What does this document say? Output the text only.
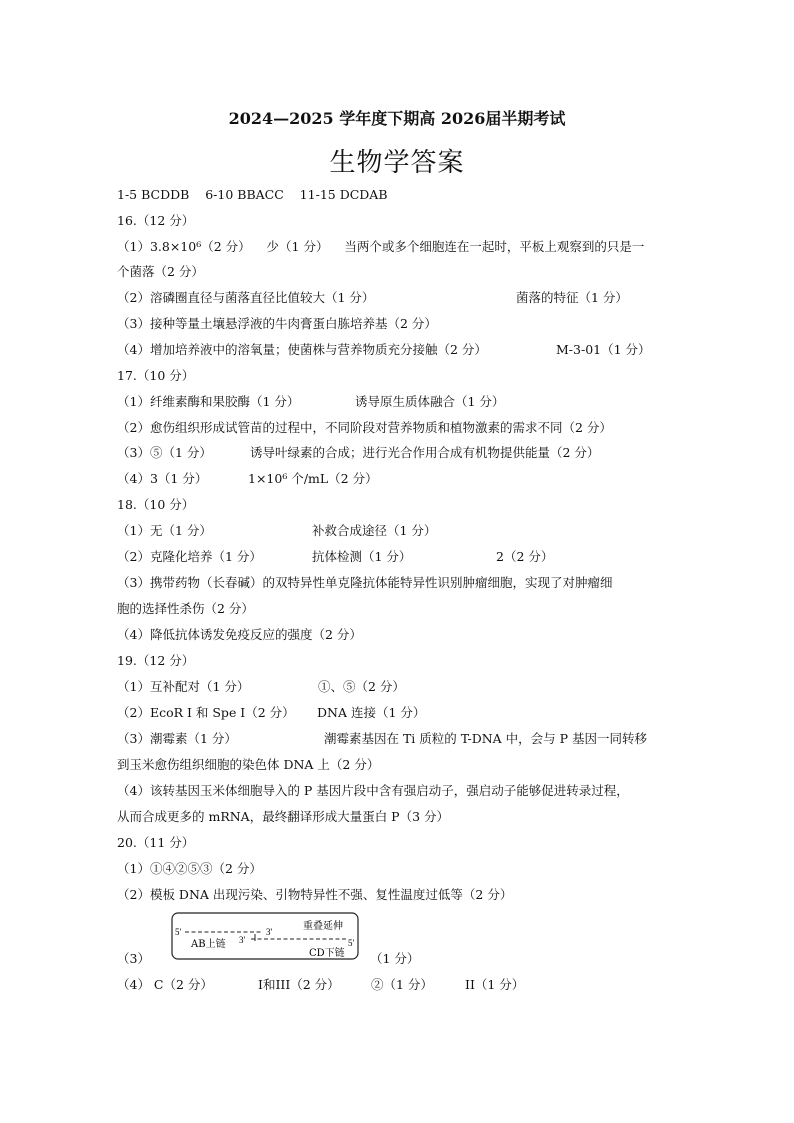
2024—2025 学年度下期高 2026届半期考试
生物学答案
1-5 BCDDB    6-10 BBACC    11-15 DCDAB
16.（12 分）
（1）3.8×10⁶（2 分）    少（1 分）    当两个或多个细胞连在一起时，平板上观察到的只是一
个菌落（2 分）
（2）溶磷圈直径与菌落直径比值较大（1 分）	菌落的特征（1 分）
（3）接种等量土壤悬浮液的牛肉膏蛋白胨培养基（2 分）
（4）增加培养液中的溶氧量；使菌株与营养物质充分接触（2 分）	M-3-01（1 分）
17.（10 分）
（1）纤维素酶和果胶酶（1 分）	诱导原生质体融合（1 分）
（2）愈伤组织形成试管苗的过程中，不同阶段对营养物质和植物激素的需求不同（2 分）
（3）⑤（1 分）	诱导叶绿素的合成；进行光合作用合成有机物提供能量（2 分）
（4）3（1 分）	1×10⁶ 个/mL（2 分）
18.（10 分）
（1）无（1 分）	补救合成途径（1 分）
（2）克隆化培养（1 分）	抗体检测（1 分）	2（2 分）
（3）携带药物（长春碱）的双特异性单克隆抗体能特异性识别肿瘤细胞，实现了对肿瘤细
胞的选择性杀伤（2 分）
（4）降低抗体诱发免疫反应的强度（2 分）
19.（12 分）
（1）互补配对（1 分）	①、⑤（2 分）
（2）EcoR I 和 Spe I（2 分） DNA 连接（1 分）
（3）潮霉素（1 分）	潮霉素基因在 Ti 质粒的 T-DNA 中，会与 P 基因一同转移
到玉米愈伤组织细胞的染色体 DNA 上（2 分）
（4）该转基因玉米体细胞导入的 P 基因片段中含有强启动子，强启动子能够促进转录过程，
从而合成更多的 mRNA，最终翻译形成大量蛋白 P（3 分）
20.（11 分）
（1）①④②⑤③（2 分）
（2）模板 DNA 出现污染、引物特异性不强、复性温度过低等（2 分）
5'	3'
3'	5'
重叠延伸
AB上链
CD下链
（3）	（1 分）
（4） C（2 分）	I和III（2 分）	②（1 分）	II（1 分）
